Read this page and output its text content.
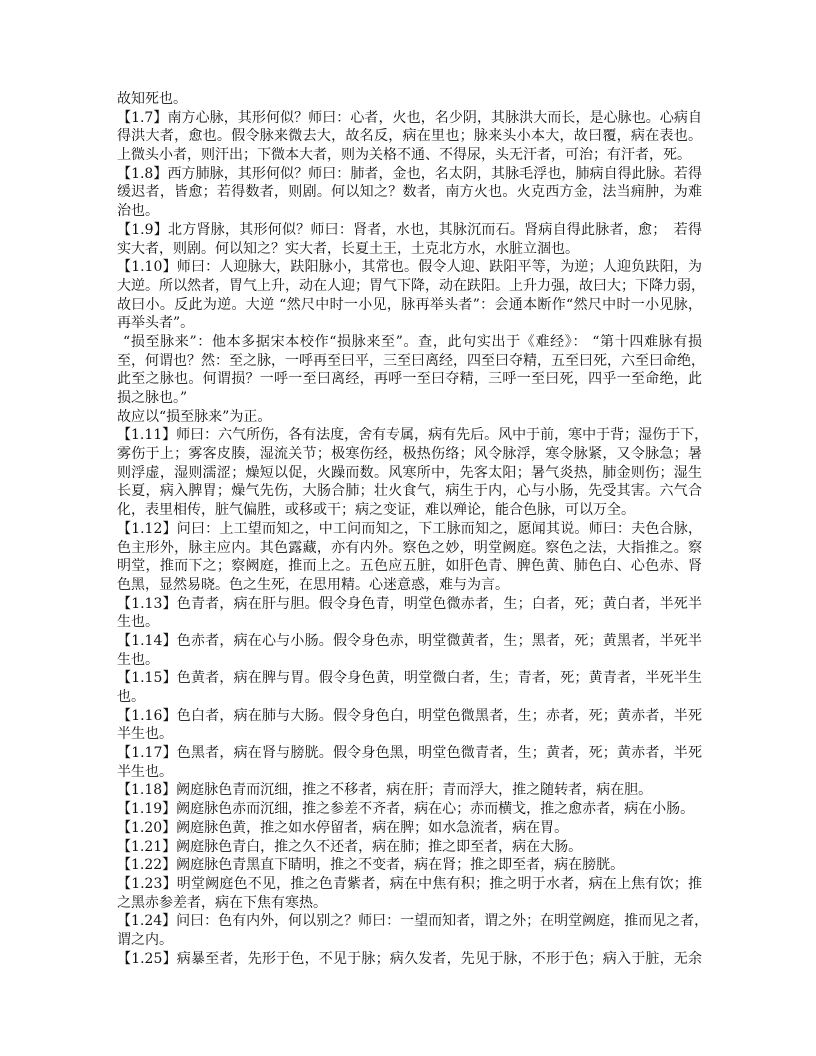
故知死也。
【1.7】南方心脉，其形何似？师曰：心者，火也，名少阴，其脉洪大而长，是心脉也。心病自
得洪大者，愈也。假令脉来微去大，故名反，病在里也；脉来头小本大，故曰覆，病在表也。
上微头小者，则汗出；下微本大者，则为关格不通、不得尿，头无汗者，可治；有汗者，死。
【1.8】西方肺脉，其形何似？师曰：肺者，金也，名太阴，其脉毛浮也，肺病自得此脉。若得
缓迟者，皆愈；若得数者，则剧。何以知之？数者，南方火也。火克西方金，法当痈肿，为难
治也。
【1.9】北方肾脉，其形何似？师曰：肾者，水也，其脉沉而石。肾病自得此脉者，愈；　若得
实大者，则剧。何以知之？实大者，长夏土王，土克北方水，水脏立涸也。
【1.10】师曰：人迎脉大，趺阳脉小，其常也。假令人迎、趺阳平等，为逆；人迎负趺阳，为
大逆。所以然者，胃气上升，动在人迎；胃气下降，动在趺阳。上升力强，故曰大；下降力弱，
故曰小。反此为逆。大逆 “然尺中时一小见，脉再举头者”：会通本断作“然尺中时一小见脉，
再举头者”。
“损至脉来”：他本多据宋本校作“损脉来至”。查，此句实出于《难经》： “第十四难脉有损
至，何谓也？然：至之脉，一呼再至曰平，三至曰离经，四至曰夺精，五至曰死，六至曰命绝，
此至之脉也。何谓损？一呼一至曰离经，再呼一至曰夺精，三呼一至曰死，四乎一至命绝，此
损之脉也。”
故应以“损至脉来”为正。
【1.11】师曰：六气所伤，各有法度，舍有专属，病有先后。风中于前，寒中于背；湿伤于下，
雾伤于上；雾客皮腠，湿流关节；极寒伤经，极热伤络；风令脉浮，寒令脉紧，又令脉急；暑
则浮虚，湿则濡涩；燥短以促，火躁而数。风寒所中，先客太阳；暑气炎热，肺金则伤；湿生
长夏，病入脾胃；燥气先伤，大肠合肺；壮火食气，病生于内，心与小肠，先受其害。六气合
化，表里相传，脏气偏胜，或移或干；病之变证，难以殚论，能合色脉，可以万全。
【1.12】问曰：上工望而知之，中工问而知之，下工脉而知之，愿闻其说。师曰：夫色合脉，
色主形外，脉主应内。其色露藏，亦有内外。察色之妙，明堂阙庭。察色之法，大指推之。察
明堂，推而下之；察阙庭，推而上之。五色应五脏，如肝色青、脾色黄、肺色白、心色赤、肾
色黑，显然易晓。色之生死，在思用精。心迷意惑，难与为言。
【1.13】色青者，病在肝与胆。假令身色青，明堂色微赤者，生；白者，死；黄白者，半死半
生也。
【1.14】色赤者，病在心与小肠。假令身色赤，明堂微黄者，生；黑者，死；黄黑者，半死半
生也。
【1.15】色黄者，病在脾与胃。假令身色黄，明堂微白者，生；青者，死；黄青者，半死半生
也。
【1.16】色白者，病在肺与大肠。假令身色白，明堂色微黑者，生；赤者，死；黄赤者，半死
半生也。
【1.17】色黑者，病在肾与膀胱。假令身色黑，明堂色微青者，生；黄者，死；黄赤者，半死
半生也。
【1.18】阙庭脉色青而沉细，推之不移者，病在肝；青而浮大，推之随转者，病在胆。
【1.19】阙庭脉色赤而沉细，推之参差不齐者，病在心；赤而横戈，推之愈赤者，病在小肠。
【1.20】阙庭脉色黄，推之如水停留者，病在脾；如水急流者，病在胃。
【1.21】阙庭脉色青白，推之久不还者，病在肺；推之即至者，病在大肠。
【1.22】阙庭脉色青黑直下睛明，推之不变者，病在肾；推之即至者，病在膀胱。
【1.23】明堂阙庭色不见，推之色青紫者，病在中焦有积；推之明于水者，病在上焦有饮；推
之黑赤参差者，病在下焦有寒热。
【1.24】问曰：色有内外，何以别之？师曰：一望而知者，谓之外；在明堂阙庭，推而见之者，
谓之内。
【1.25】病暴至者，先形于色，不见于脉；病久发者，先见于脉，不形于色；病入于脏，无余
